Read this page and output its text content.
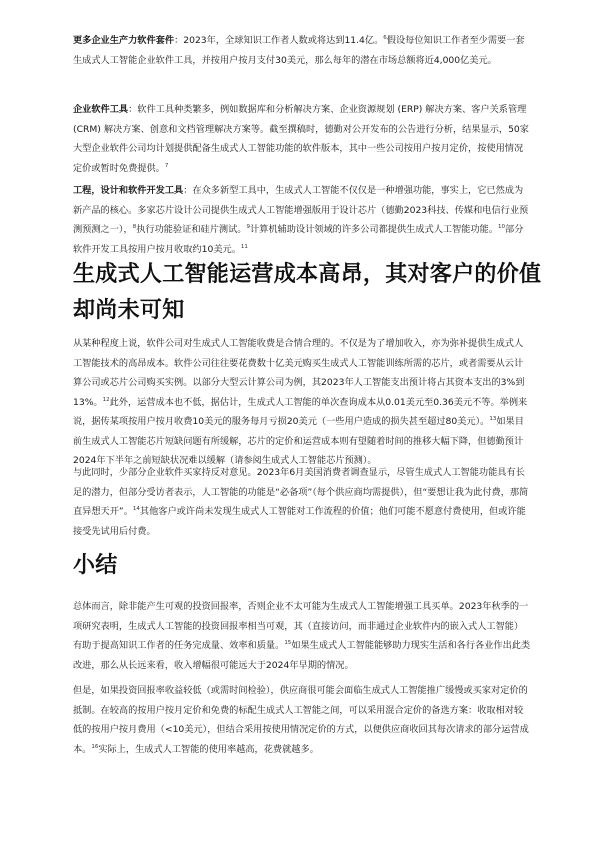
更多企业生产力软件套件：2023年，全球知识工作者人数或将达到11.4亿。$^6$假设每位知识工作者至少需要一套生成式人工智能企业软件工具，并按用户按月支付30美元，那么每年的潜在市场总额将近4,000亿美元。

企业软件工具：软件工具种类繁多，例如数据库和分析解决方案、企业资源规划 (ERP) 解决方案、客户关系管理 (CRM) 解决方案、创意和文档管理解决方案等。截至撰稿时，德勤对公开发布的公告进行分析，结果显示，50家大型企业软件公司均计划提供配备生成式人工智能功能的软件版本，其中一些公司按用户按月定价，按使用情况定价或暂时免费提供。$^7$

工程，设计和软件开发工具：在众多新型工具中，生成式人工智能不仅仅是一种增强功能，事实上，它已然成为新产品的核心。多家芯片设计公司提供生成式人工智能增强版用于设计芯片（德勤2023科技、传媒和电信行业预测预测之一），$^8$执行功能验证和硅片测试。$^9$计算机辅助设计领域的许多公司都提供生成式人工智能功能。$^{10}$部分软件开发工具按用户按月收取约10美元。$^{11}$

生成式人工智能运营成本高昂，其对客户的价值却尚未可知

从某种程度上说，软件公司对生成式人工智能收费是合情合理的。不仅是为了增加收入，亦为弥补提供生成式人工智能技术的高昂成本。软件公司往往要花费数十亿美元购买生成式人工智能训练所需的芯片，或者需要从云计算公司或芯片公司购买实例。以部分大型云计算公司为例，其2023年人工智能支出预计将占其资本支出的3%到13%。$^{12}$此外，运营成本也不低，据估计，生成式人工智能的单次查询成本从0.01美元至0.36美元不等。举例来说，据传某项按用户按月收费10美元的服务每月亏损20美元（一些用户造成的损失甚至超过80美元）。$^{13}$如果目前生成式人工智能芯片短缺问题有所缓解，芯片的定价和运营成本则有望随着时间的推移大幅下降，但德勤预计2024年下半年之前短缺状况难以缓解（请参阅生成式人工智能芯片预测）。

与此同时，少部分企业软件买家持反对意见。2023年6月美国消费者调查显示，尽管生成式人工智能功能具有长足的潜力，但部分受访者表示，人工智能的功能是“必备项”（每个供应商均需提供），但“要想让我为此付费，那简直异想天开”。$^{14}$其他客户或许尚未发现生成式人工智能对工作流程的价值；他们可能不愿意付费使用，但或许能接受先试用后付费。

小结

总体而言，除非能产生可观的投资回报率，否则企业不太可能为生成式人工智能增强工具买单。2023年秋季的一项研究表明，生成式人工智能的投资回报率相当可观，其（直接访问，而非通过企业软件内的嵌入式人工智能）有助于提高知识工作者的任务完成量、效率和质量。$^{15}$如果生成式人工智能能够助力现实生活和各行各业作出此类改进，那么从长远来看，收入增幅很可能远大于2024年早期的情况。

但是，如果投资回报率收益较低（或需时间检验），供应商很可能会面临生成式人工智能推广缓慢或买家对定价的抵制。在较高的按用户按月定价和免费的标配生成式人工智能之间，可以采用混合定价的备选方案：收取相对较低的按用户按月费用（<10美元），但结合采用按使用情况定价的方式，以便供应商收回其每次请求的部分运营成本。$^{16}$实际上，生成式人工智能的使用率越高，花费就越多。
